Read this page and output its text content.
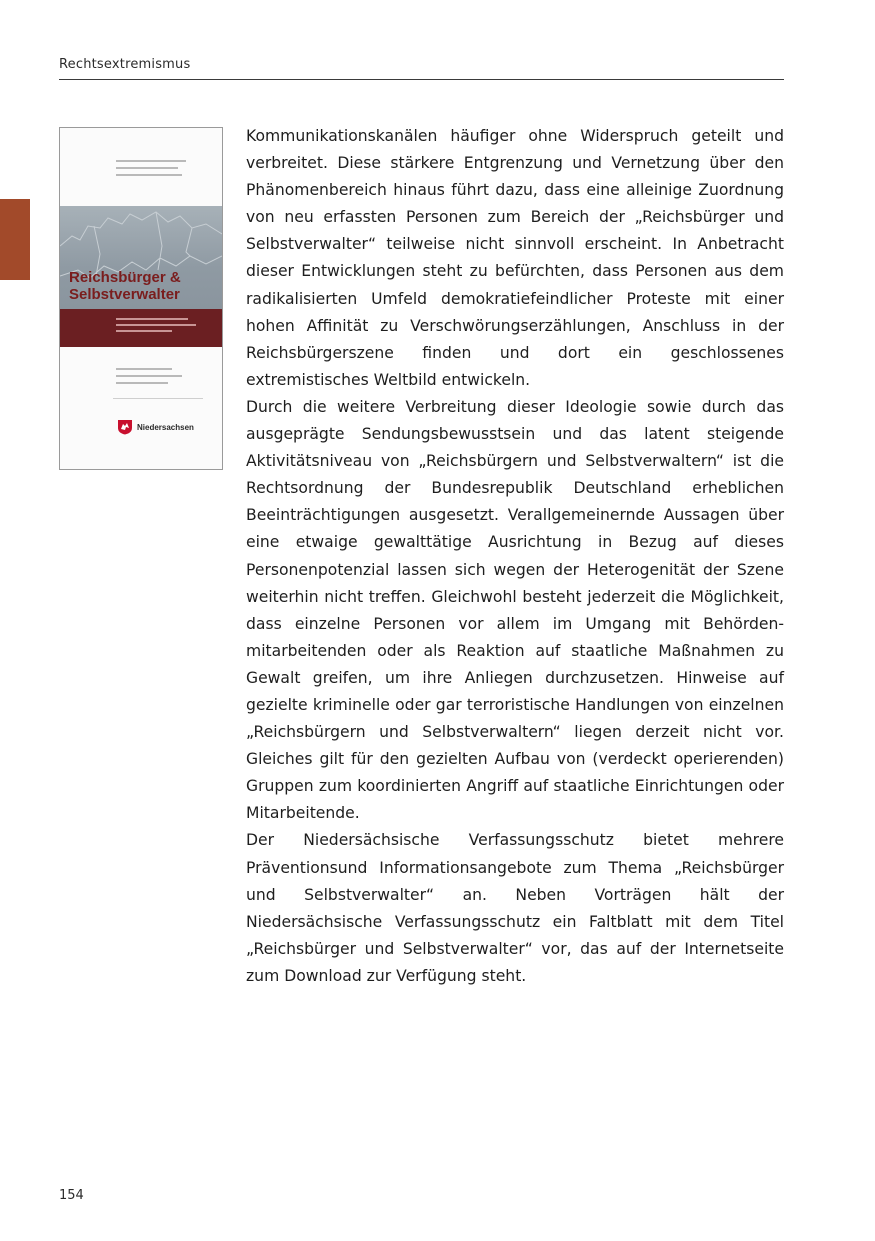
Rechtsextremismus
Reichsbürger &
Selbstverwalter
Niedersachsen

Kommunikationskanälen häufiger ohne Widerspruch geteilt und verbreitet. Diese stärkere Entgrenzung und Vernetzung über den Phänomenbereich hinaus führt dazu, dass eine alleinige Zuordnung von neu erfassten Personen zum Bereich der „Reichsbürger und Selbstverwalter“ teilweise nicht sinnvoll erscheint. In Anbetracht dieser Entwicklungen steht zu befürchten, dass Personen aus dem radikalisierten Umfeld demokratiefeindlicher Proteste mit einer hohen Affinität zu Verschwörungserzählungen, Anschluss in der Reichsbürgerszene finden und dort ein geschlossenes extremistisches Weltbild entwickeln.

Durch die weitere Verbreitung dieser Ideologie sowie durch das ausgeprägte Sendungsbewusstsein und das latent steigende Aktivitätsniveau von „Reichsbürgern und Selbstverwaltern“ ist die Rechtsordnung der Bundesrepublik Deutschland erheblichen Beeinträchtigungen ausgesetzt. Verallgemeinernde Aussagen über eine etwaige gewalttätige Ausrichtung in Bezug auf dieses Personenpotenzial lassen sich wegen der Heterogenität der Szene weiterhin nicht treffen. Gleichwohl besteht jederzeit die Möglichkeit, dass einzelne Personen vor allem im Umgang mit Behördenmitarbeitenden oder als Reaktion auf staatliche Maßnahmen zu Gewalt greifen, um ihre Anliegen durchzusetzen. Hinweise auf gezielte kriminelle oder gar terroristische Handlungen von einzelnen „Reichsbürgern und Selbstverwaltern“ liegen derzeit nicht vor. Gleiches gilt für den gezielten Aufbau von (verdeckt operierenden) Gruppen zum koordinierten Angriff auf staatliche Einrichtungen oder Mitarbeitende.

Der Niedersächsische Verfassungsschutz bietet mehrere Präventionsund Informationsangebote zum Thema „Reichsbürger und Selbstverwalter“ an. Neben Vorträgen hält der Niedersächsische Verfassungsschutz ein Faltblatt mit dem Titel „Reichsbürger und Selbstverwalter“ vor, das auf der Internetseite zum Download zur Verfügung steht.

154
